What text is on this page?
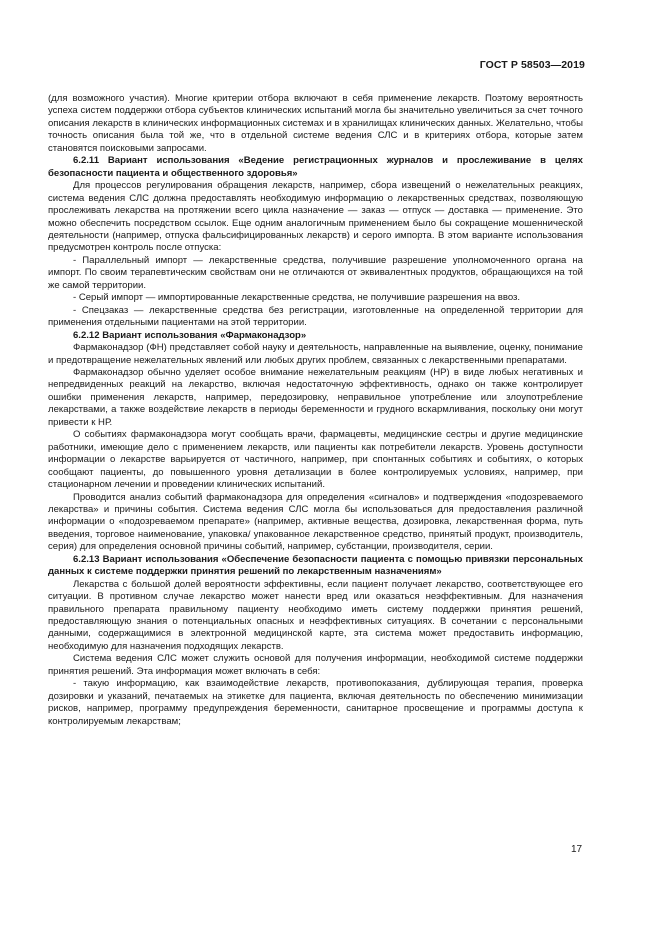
ГОСТ Р 58503—2019

(для возможного участия). Многие критерии отбора включают в себя применение лекарств. Поэтому вероятность успеха систем поддержки отбора субъектов клинических испытаний могла бы значительно увеличиться за счет точного описания лекарств в клинических информационных системах и в хранилищах клинических данных. Желательно, чтобы точность описания была той же, что в отдельной системе ведения СЛС и в критериях отбора, которые затем становятся поисковыми запросами.

6.2.11 Вариант использования «Ведение регистрационных журналов и прослеживание в целях безопасности пациента и общественного здоровья»

Для процессов регулирования обращения лекарств, например, сбора извещений о нежелательных реакциях, система ведения СЛС должна предоставлять необходимую информацию о лекарственных средствах, позволяющую прослеживать лекарства на протяжении всего цикла назначение — заказ — отпуск — доставка — применение. Это можно обеспечить посредством ссылок. Еще одним аналогичным применением было бы сокращение мошеннической деятельности (например, отпуска фальсифицированных лекарств) и серого импорта. В этом варианте использования предусмотрен контроль после отпуска:

- Параллельный импорт — лекарственные средства, получившие разрешение уполномоченного органа на импорт. По своим терапевтическим свойствам они не отличаются от эквивалентных продуктов, обращающихся на той же самой территории.

- Серый импорт — импортированные лекарственные средства, не получившие разрешения на ввоз.

- Спецзаказ — лекарственные средства без регистрации, изготовленные на определенной территории для применения отдельными пациентами на этой территории.

6.2.12 Вариант использования «Фармаконадзор»

Фармаконадзор (ФН) представляет собой науку и деятельность, направленные на выявление, оценку, понимание и предотвращение нежелательных явлений или любых других проблем, связанных с лекарственными препаратами.

Фармаконадзор обычно уделяет особое внимание нежелательным реакциям (НР) в виде любых негативных и непредвиденных реакций на лекарство, включая недостаточную эффективность, однако он также контролирует ошибки применения лекарств, например, передозировку, неправильное употребление или злоупотребление лекарствами, а также воздействие лекарств в периоды беременности и грудного вскармливания, поскольку они могут привести к НР.

О событиях фармаконадзора могут сообщать врачи, фармацевты, медицинские сестры и другие медицинские работники, имеющие дело с применением лекарств, или пациенты как потребители лекарств. Уровень доступности информации о лекарстве варьируется от частичного, например, при спонтанных событиях и событиях, о которых сообщают пациенты, до повышенного уровня детализации в более контролируемых условиях, например, при стационарном лечении и проведении клинических испытаний.

Проводится анализ событий фармаконадзора для определения «сигналов» и подтверждения «подозреваемого лекарства» и причины события. Система ведения СЛС могла бы использоваться для предоставления различной информации о «подозреваемом препарате» (например, активные вещества, дозировка, лекарственная форма, путь введения, торговое наименование, упаковка/ упакованное лекарственное средство, принятый продукт, производитель, серия) для определения основной причины событий, например, субстанции, производителя, серии.

6.2.13 Вариант использования «Обеспечение безопасности пациента с помощью привязки персональных данных к системе поддержки принятия решений по лекарственным назначениям»

Лекарства с большой долей вероятности эффективны, если пациент получает лекарство, соответствующее его ситуации. В противном случае лекарство может нанести вред или оказаться неэффективным. Для назначения правильного препарата правильному пациенту необходимо иметь систему поддержки принятия решений, предоставляющую знания о потенциальных опасных и неэффективных ситуациях. В сочетании с персональными данными, содержащимися в электронной медицинской карте, эта система может предоставить информацию, необходимую для назначения подходящих лекарств.

Система ведения СЛС может служить основой для получения информации, необходимой системе поддержки принятия решений. Эта информация может включать в себя:

- такую информацию, как взаимодействие лекарств, противопоказания, дублирующая терапия, проверка дозировки и указаний, печатаемых на этикетке для пациента, включая деятельность по обеспечению минимизации рисков, например, программу предупреждения беременности, санитарное просвещение и программы доступа к контролируемым лекарствам;

17
